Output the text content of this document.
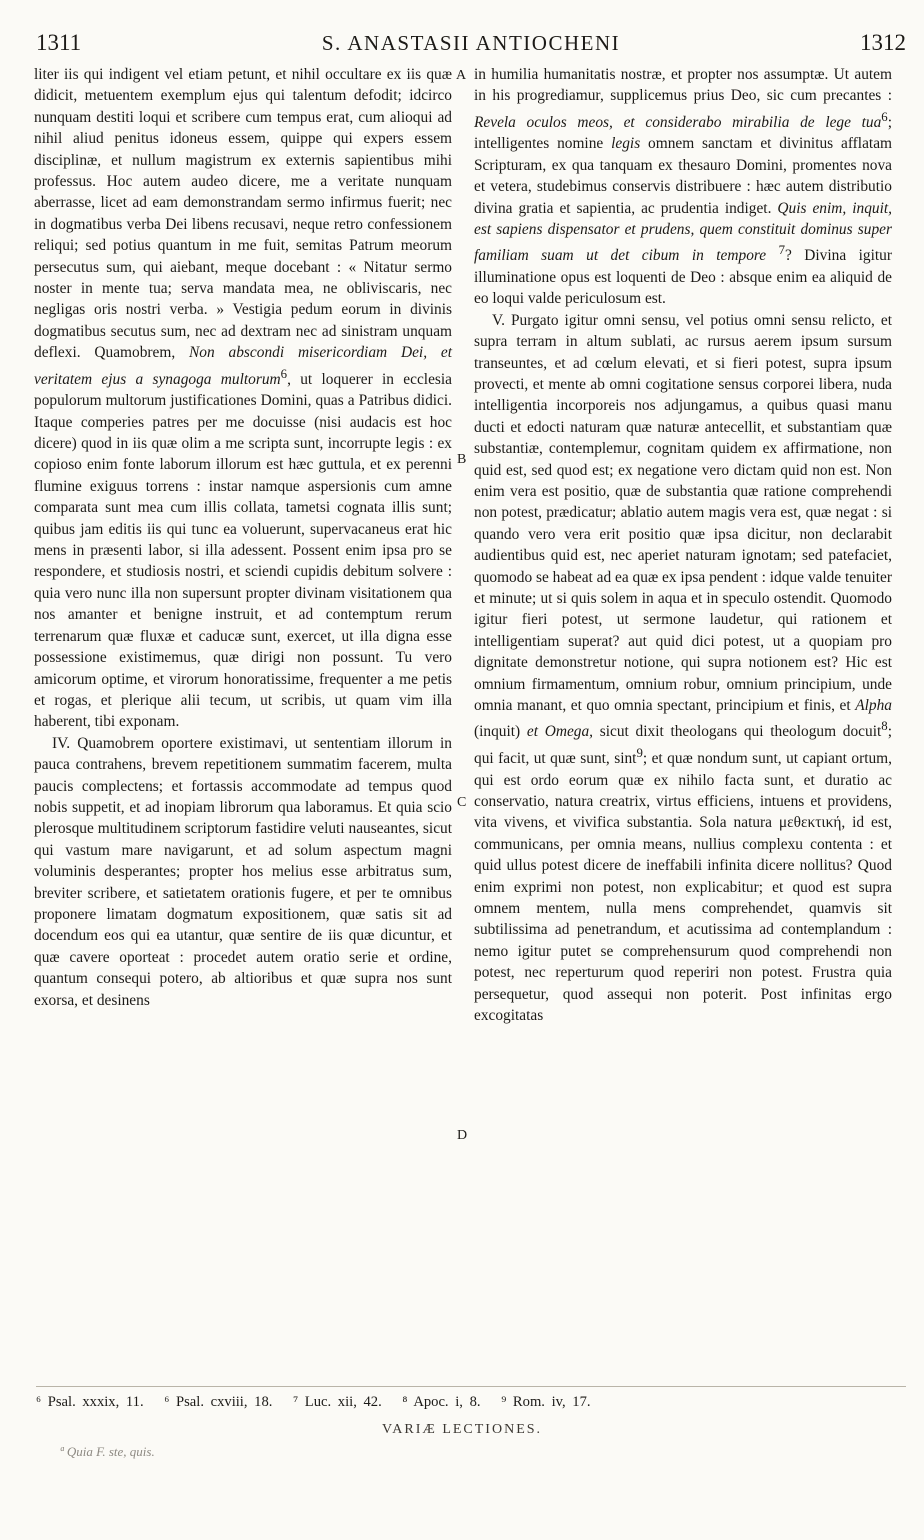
1311	S. ANASTASII ANTIOCHENI	1312

liter iis qui indigent vel etiam petunt, et nihil occultare ex iis quæ didicit, metuentem exemplum ejus qui talentum defodit; idcirco nunquam destiti loqui et scribere cum tempus erat, cum alioqui ad nihil aliud penitus idoneus essem, quippe qui expers essem disciplinæ, et nullum magistrum ex externis sapientibus mihi professus. Hoc autem audeo dicere, me a veritate nunquam aberrasse, licet ad eam demonstrandam sermo infirmus fuerit; nec in dogmatibus verba Dei libens recusavi, neque retro confessionem reliqui; sed potius quantum in me fuit, semitas Patrum meorum persecutus sum, qui aiebant, meque docebant : « Nitatur sermo noster in mente tua; serva mandata mea, ne obliviscaris, nec negligas oris nostri verba. » Vestigia pedum eorum in divinis dogmatibus secutus sum, nec ad dextram nec ad sinistram unquam deflexi. Quamobrem, Non abscondi misericordiam Dei, et veritatem ejus a synagoga multorum$^6$, ut loquerer in ecclesia populorum multorum justificationes Domini, quas a Patribus didici. Itaque comperies patres per me docuisse (nisi audacis est hoc dicere) quod in iis quæ olim a me scripta sunt, incorrupte legis : ex copioso enim fonte laborum illorum est hæc guttula, et ex perenni flumine exiguus torrens : instar namque aspersionis cum amne comparata sunt mea cum illis collata, tametsi cognata illis sunt; quibus jam editis iis qui tunc ea voluerunt, supervacaneus erat hic mens in præsenti labor, si illa adessent. Possent enim ipsa pro se respondere, et studiosis nostri, et sciendi cupidis debitum solvere : quia vero nunc illa non supersunt propter divinam visitationem qua nos amanter et benigne instruit, et ad contemptum rerum terrenarum quæ fluxæ et caducæ sunt, exercet, ut illa digna esse possessione existimemus, quæ dirigi non possunt. Tu vero amicorum optime, et virorum honoratissime, frequenter a me petis et rogas, et plerique alii tecum, ut scribis, ut quam vim illa haberent, tibi exponam.

IV. Quamobrem oportere existimavi, ut sententiam illorum in pauca contrahens, brevem repetitionem summatim facerem, multa paucis complectens; et fortassis accommodate ad tempus quod nobis suppetit, et ad inopiam librorum qua laboramus. Et quia scio plerosque multitudinem scriptorum fastidire veluti nauseantes, sicut qui vastum mare navigarunt, et ad solum aspectum magni voluminis desperantes; propter hos melius esse arbitratus sum, breviter scribere, et satietatem orationis fugere, et per te omnibus proponere limatam dogmatum expositionem, quæ satis sit ad docendum eos qui ea utantur, quæ sentire de iis quæ dicuntur, et quæ cavere oporteat : procedet autem oratio serie et ordine, quantum consequi potero, ab altioribus et quæ supra nos sunt exorsa, et desinens

in humilia humanitatis nostræ, et propter nos assumptæ. Ut autem in his progrediamur, supplicemus prius Deo, sic cum precantes : Revela oculos meos, et considerabo mirabilia de lege tua$^6$; intelligentes nomine legis omnem sanctam et divinitus afflatam Scripturam, ex qua tanquam ex thesauro Domini, promentes nova et vetera, studebimus conservis distribuere : hæc autem distributio divina gratia et sapientia, ac prudentia indiget. Quis enim, inquit, est sapiens dispensator et prudens, quem constituit dominus super familiam suam ut det cibum in tempore $^7$? Divina igitur illuminatione opus est loquenti de Deo : absque enim ea aliquid de eo loqui valde periculosum est.

V. Purgato igitur omni sensu, vel potius omni sensu relicto, et supra terram in altum sublati, ac rursus aerem ipsum sursum transeuntes, et ad cœlum elevati, et si fieri potest, supra ipsum provecti, et mente ab omni cogitatione sensus corporei libera, nuda intelligentia incorporeis nos adjungamus, a quibus quasi manu ducti et edocti naturam quæ naturæ antecellit, et substantiam quæ substantiæ, contemplemur, cognitam quidem ex affirmatione, non quid est, sed quod est; ex negatione vero dictam quid non est. Non enim vera est positio, quæ de substantia quæ ratione comprehendi non potest, prædicatur; ablatio autem magis vera est, quæ negat : si quando vero vera erit positio quæ ipsa dicitur, non declarabit audientibus quid est, nec aperiet naturam ignotam; sed patefaciet, quomodo se habeat ad ea quæ ex ipsa pendent : idque valde tenuiter et minute; ut si quis solem in aqua et in speculo ostendit. Quomodo igitur fieri potest, ut sermone laudetur, qui rationem et intelligentiam superat? aut quid dici potest, ut a quopiam pro dignitate demonstretur notione, qui supra notionem est? Hic est omnium firmamentum, omnium robur, omnium principium, unde omnia manant, et quo omnia spectant, principium et finis, et Alpha (inquit) et Omega, sicut dixit theologans qui theologum docuit$^8$; qui facit, ut quæ sunt, sint$^9$; et quæ nondum sunt, ut capiant ortum, qui est ordo eorum quæ ex nihilo facta sunt, et duratio ac conservatio, natura creatrix, virtus efficiens, intuens et providens, vita vivens, et vivifica substantia. Sola natura μεθεκτική, id est, communicans, per omnia means, nullius complexu contenta : et quid ullus potest dicere de ineffabili infinita dicere nollitus? Quod enim exprimi non potest, non explicabitur; et quod est supra omnem mentem, nulla mens comprehendet, quamvis sit subtilissima ad penetrandum, et acutissima ad contemplandum : nemo igitur putet se comprehensurum quod comprehendi non potest, nec reperturum quod reperiri non potest. Frustra quia persequetur, quod assequi non poterit. Post infinitas ergo excogitatas

A
B
C
D
⁶ Psal. xxxix, 11. ⁶ Psal. cxviii, 18. ⁷ Luc. xii, 42. ⁸ Apoc. i, 8. ⁹ Rom. iv, 17.
VARIÆ LECTIONES.
ª Quia F. ste, quis.
